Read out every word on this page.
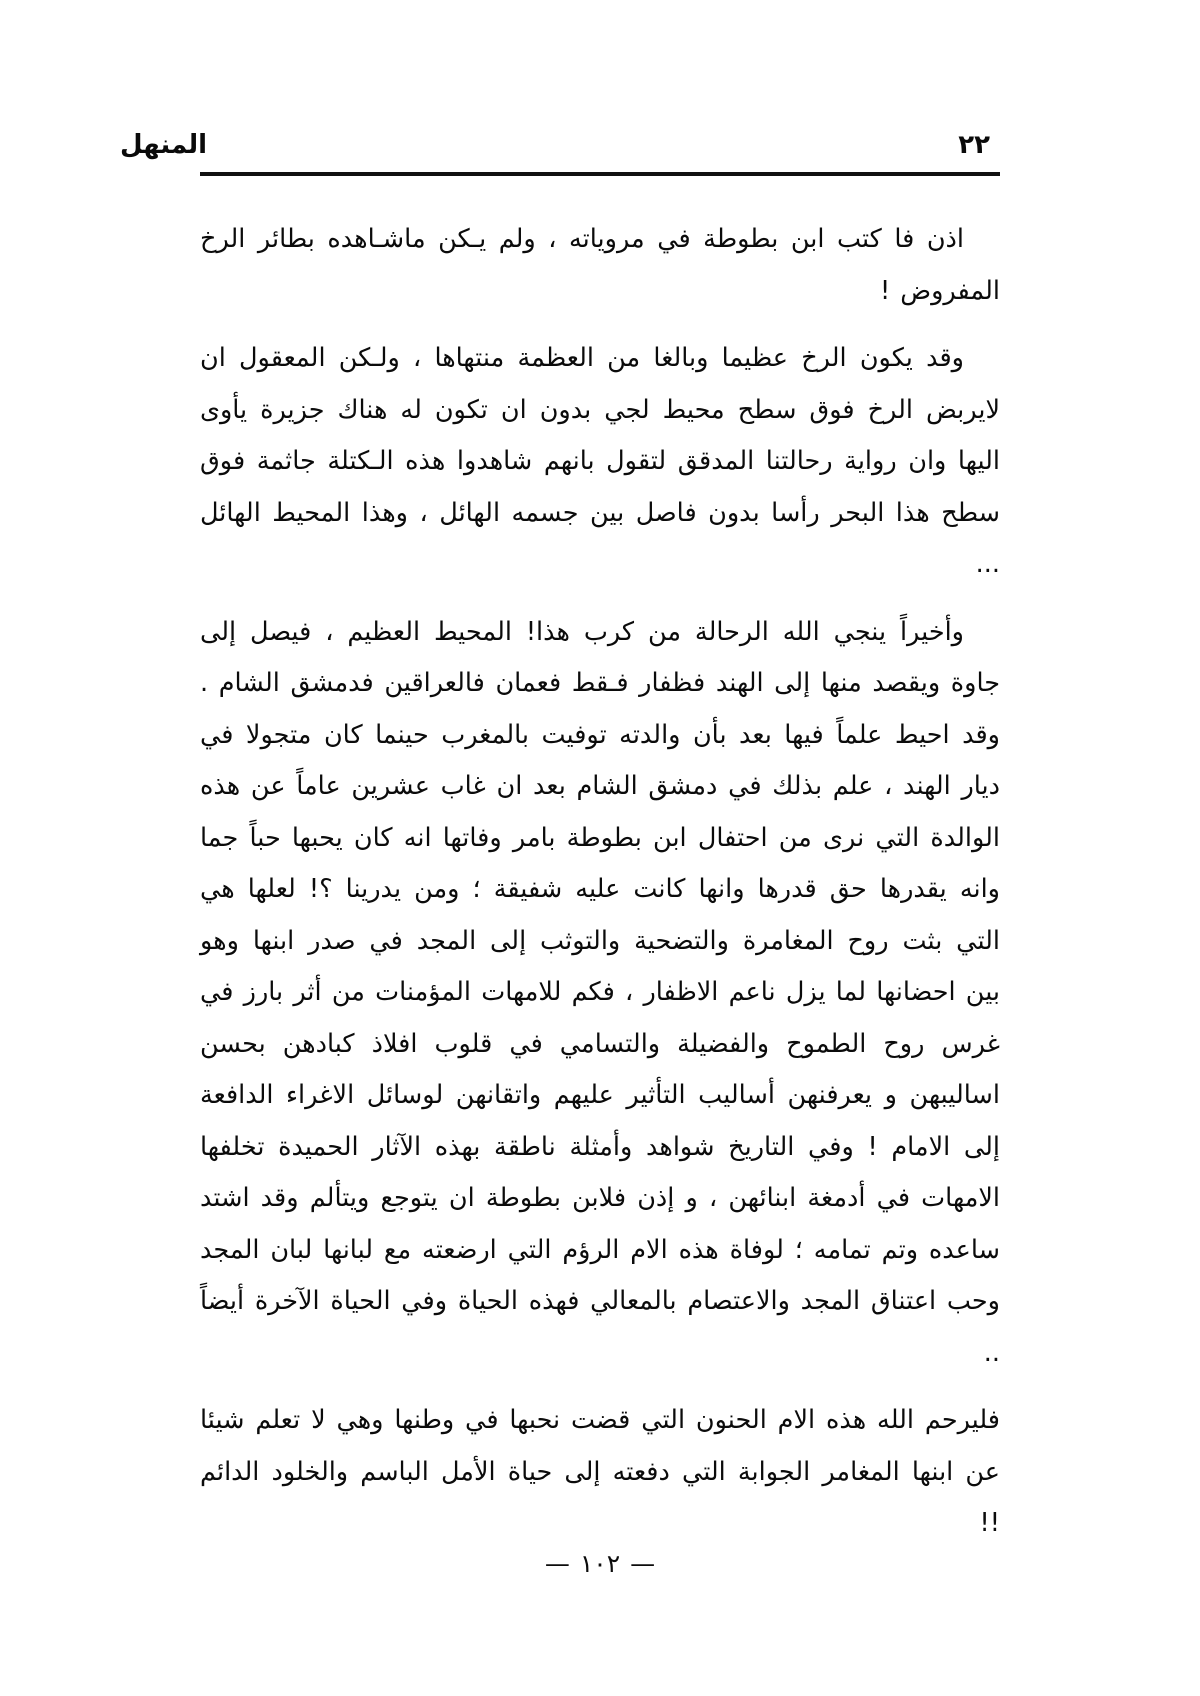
المنهل	٢٢

اذن فا كتب ابن بطوطة في مروياته ، ولم يـكن ماشـاهده بطائر الرخ المفروض !

وقد يكون الرخ عظيما وبالغا من العظمة منتهاها ، ولـكن المعقول ان لايربض الرخ فوق سطح محيط لجي بدون ان تكون له هناك جزيرة يأوى اليها وان رواية رحالتنا المدقق لتقول بانهم شاهدوا هذه الـكتلة جاثمة فوق سطح هذا البحر رأسا بدون فاصل بين جسمه الهائل ، وهذا المحيط الهائل ...

وأخيراً ينجي الله الرحالة من كرب هذا! المحيط العظيم ، فيصل إلى جاوة ويقصد منها إلى الهند فظفار فـقط فعمان فالعراقين فدمشق الشام . وقد احيط علماً فيها بعد بأن والدته توفيت بالمغرب حينما كان متجولا في ديار الهند ، علم بذلك في دمشق الشام بعد ان غاب عشرين عاماً عن هذه الوالدة التي نرى من احتفال ابن بطوطة بامر وفاتها انه كان يحبها حباً جما وانه يقدرها حق قدرها وانها كانت عليه شفيقة ؛ ومن يدرينا ؟! لعلها هي التي بثت روح المغامرة والتضحية والتوثب إلى المجد في صدر ابنها وهو بين احضانها لما يزل ناعم الاظفار ، فكم للامهات المؤمنات من أثر بارز في غرس روح الطموح والفضيلة والتسامي في قلوب افلاذ كبادهن بحسن اساليبهن و يعرفنهن أساليب التأثير عليهم واتقانهن لوسائل الاغراء الدافعة إلى الامام ! وفي التاريخ شواهد وأمثلة ناطقة بهذه الآثار الحميدة تخلفها الامهات في أدمغة ابنائهن ، و إذن فلابن بطوطة ان يتوجع ويتألم وقد اشتد ساعده وتم تمامه ؛ لوفاة هذه الام الرؤم التي ارضعته مع لبانها لبان المجد وحب اعتناق المجد والاعتصام بالمعالي فهذه الحياة وفي الحياة الآخرة أيضاً ..

فليرحم الله هذه الام الحنون التي قضت نحبها في وطنها وهي لا تعلم شيئا عن ابنها المغامر الجوابة التي دفعته إلى حياة الأمل الباسم والخلود الدائم !!

—١٠٢—
